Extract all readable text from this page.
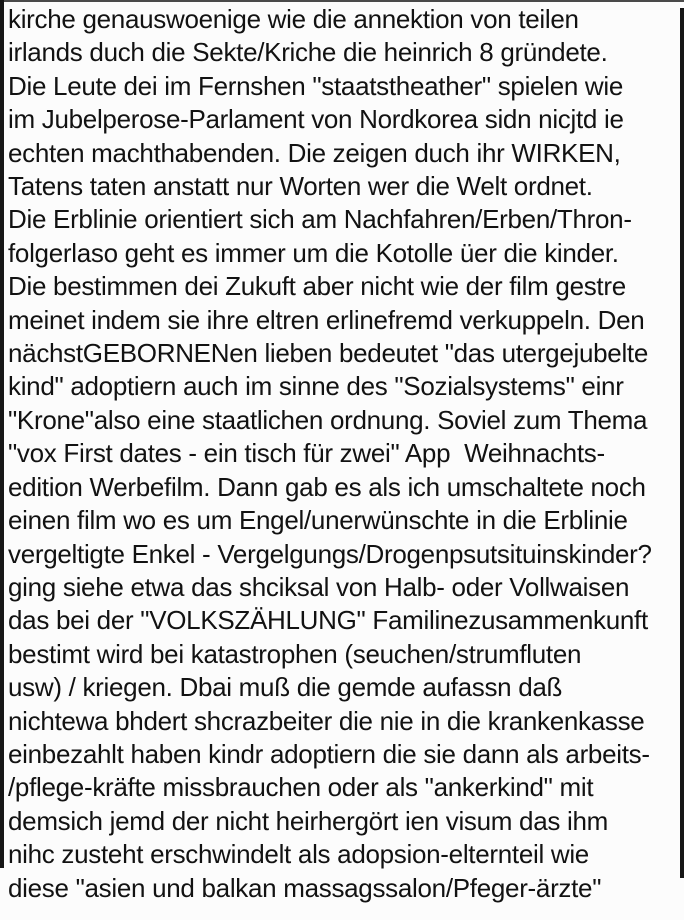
kirche genauswoenige wie die annektion von teilen
irlands duch die Sekte/Kriche die heinrich 8 gründete.
Die Leute dei im Fernshen "staatstheather" spielen wie
im Jubelperose-Parlament von Nordkorea sidn nicjtd ie
echten machthabenden. Die zeigen duch ihr WIRKEN,
Tatens taten anstatt nur Worten wer die Welt ordnet.
Die Erblinie orientiert sich am Nachfahren/Erben/Thron-
folgerlaso geht es immer um die Kotolle üer die kinder.
Die bestimmen dei Zukuft aber nicht wie der film gestre
meinet indem sie ihre eltren erlinefremd verkuppeln. Den
nächstGEBORNENen lieben bedeutet "das utergejubelte
kind" adoptiern auch im sinne des "Sozialsystems" einr
"Krone"also eine staatlichen ordnung. Soviel zum Thema
"vox First dates - ein tisch für zwei" App  Weihnachts-
edition Werbefilm. Dann gab es als ich umschaltete noch
einen film wo es um Engel/unerwünschte in die Erblinie
vergeltigte Enkel - Vergelgungs/Drogenpsutsituinskinder?
ging siehe etwa das shciksal von Halb- oder Vollwaisen
das bei der "VOLKSZÄHLUNG" Familinezusammenkunft
bestimt wird bei katastrophen (seuchen/strumfluten
usw) / kriegen. Dbai muß die gemde aufassn daß
nichtewa bhdert shcrazbeiter die nie in die krankenkasse
einbezahlt haben kindr adoptiern die sie dann als arbeits-
/pflege-kräfte missbrauchen oder als "ankerkind" mit
demsich jemd der nicht heirhergört ien visum das ihm
nihc zusteht erschwindelt als adopsion-elternteil wie
diese "asien und balkan massagssalon/Pfeger-ärzte"
